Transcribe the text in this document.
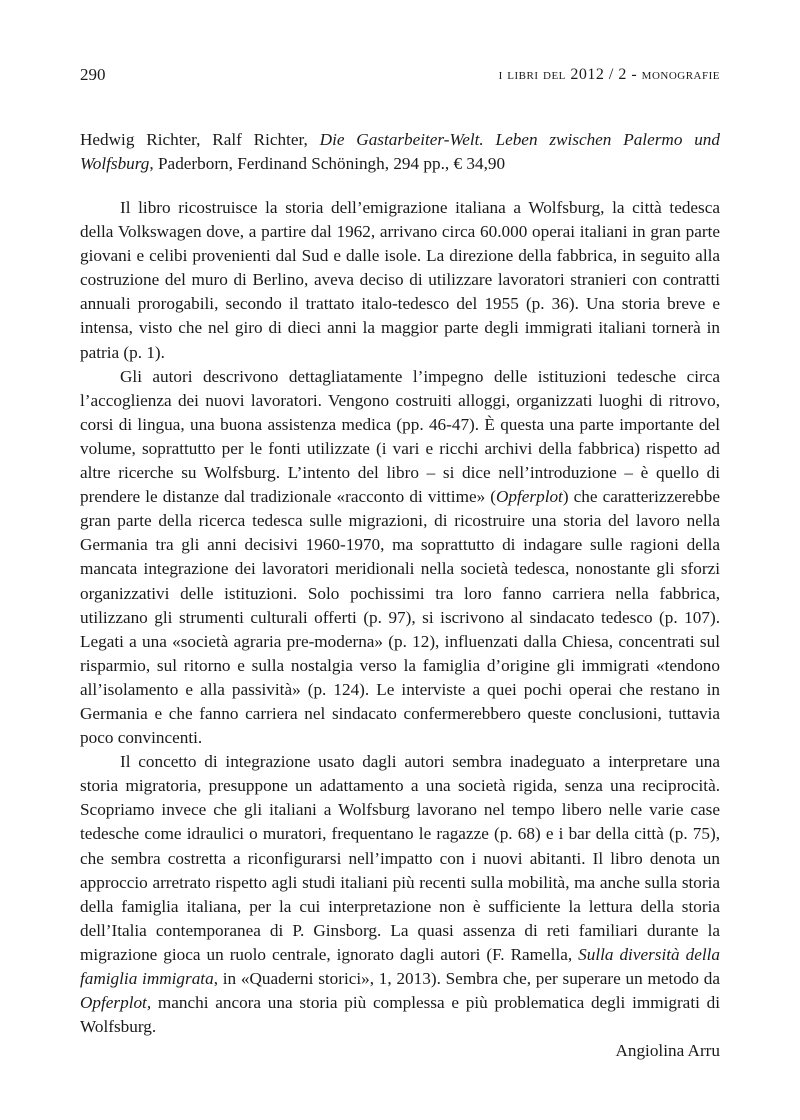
290	i libri del 2012 / 2 - monografie
Hedwig Richter, Ralf Richter, Die Gastarbeiter-Welt. Leben zwischen Palermo und Wolfsburg, Paderborn, Ferdinand Schöningh, 294 pp., € 34,90

Il libro ricostruisce la storia dell’emigrazione italiana a Wolfsburg, la città tedesca della Volkswagen dove, a partire dal 1962, arrivano circa 60.000 operai italiani in gran parte giovani e celibi provenienti dal Sud e dalle isole. La direzione della fabbrica, in seguito alla costruzione del muro di Berlino, aveva deciso di utilizzare lavoratori stranieri con contratti annuali prorogabili, secondo il trattato italo-tedesco del 1955 (p. 36). Una storia breve e intensa, visto che nel giro di dieci anni la maggior parte degli immigrati italiani tornerà in patria (p. 1).

Gli autori descrivono dettagliatamente l’impegno delle istituzioni tedesche circa l’accoglienza dei nuovi lavoratori. Vengono costruiti alloggi, organizzati luoghi di ritrovo, corsi di lingua, una buona assistenza medica (pp. 46-47). È questa una parte importante del volume, soprattutto per le fonti utilizzate (i vari e ricchi archivi della fabbrica) rispetto ad altre ricerche su Wolfsburg. L’intento del libro – si dice nell’introduzione – è quello di prendere le distanze dal tradizionale «racconto di vittime» (Opferplot) che caratterizzerebbe gran parte della ricerca tedesca sulle migrazioni, di ricostruire una storia del lavoro nella Germania tra gli anni decisivi 1960-1970, ma soprattutto di indagare sulle ragioni della mancata integrazione dei lavoratori meridionali nella società tedesca, nonostante gli sforzi organizzativi delle istituzioni. Solo pochissimi tra loro fanno carriera nella fabbrica, utilizzano gli strumenti culturali offerti (p. 97), si iscrivono al sindacato tedesco (p. 107). Legati a una «società agraria pre-moderna» (p. 12), influenzati dalla Chiesa, concentrati sul risparmio, sul ritorno e sulla nostalgia verso la famiglia d’origine gli immigrati «tendono all’isolamento e alla passività» (p. 124). Le interviste a quei pochi operai che restano in Germania e che fanno carriera nel sindacato confermerebbero queste conclusioni, tuttavia poco convincenti.

Il concetto di integrazione usato dagli autori sembra inadeguato a interpretare una storia migratoria, presuppone un adattamento a una società rigida, senza una reciprocità. Scopriamo invece che gli italiani a Wolfsburg lavorano nel tempo libero nelle varie case tedesche come idraulici o muratori, frequentano le ragazze (p. 68) e i bar della città (p. 75), che sembra costretta a riconfigurarsi nell’impatto con i nuovi abitanti. Il libro denota un approccio arretrato rispetto agli studi italiani più recenti sulla mobilità, ma anche sulla storia della famiglia italiana, per la cui interpretazione non è sufficiente la lettura della storia dell’Italia contemporanea di P. Ginsborg. La quasi assenza di reti familiari durante la migrazione gioca un ruolo centrale, ignorato dagli autori (F. Ramella, Sulla diversità della famiglia immigrata, in «Quaderni storici», 1, 2013). Sembra che, per superare un metodo da Opferplot, manchi ancora una storia più complessa e più problematica degli immigrati di Wolfsburg.

Angiolina Arru
